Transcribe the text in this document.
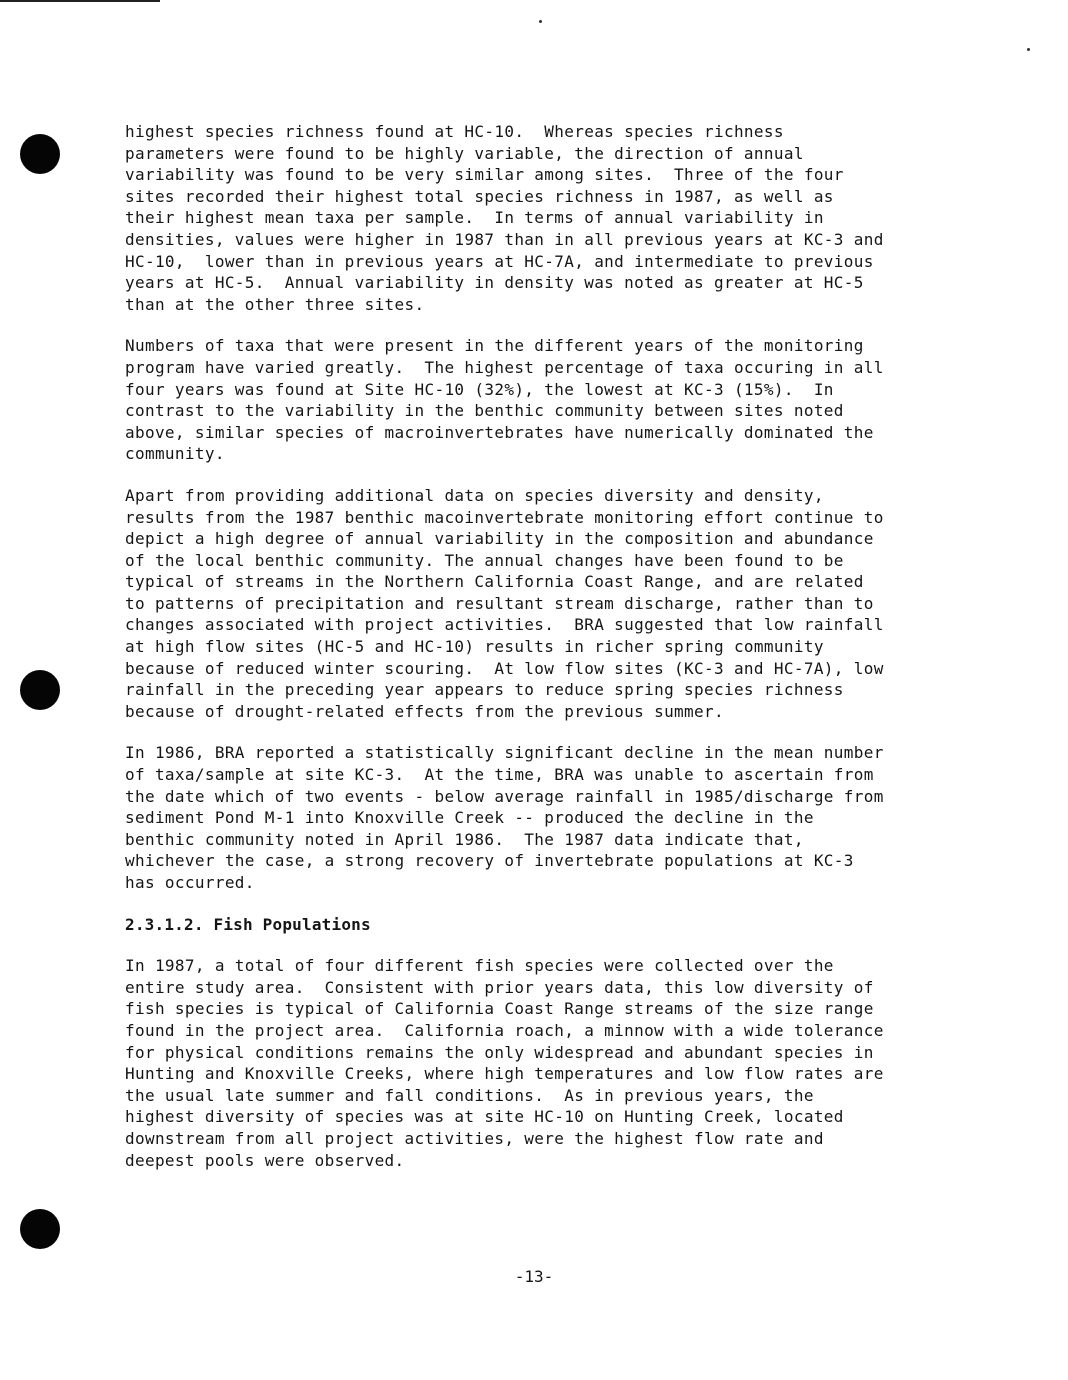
highest species richness found at HC-10.  Whereas species richness
parameters were found to be highly variable, the direction of annual
variability was found to be very similar among sites.  Three of the four
sites recorded their highest total species richness in 1987, as well as
their highest mean taxa per sample.  In terms of annual variability in
densities, values were higher in 1987 than in all previous years at KC-3 and
HC-10,  lower than in previous years at HC-7A, and intermediate to previous
years at HC-5.  Annual variability in density was noted as greater at HC-5
than at the other three sites.

Numbers of taxa that were present in the different years of the monitoring
program have varied greatly.  The highest percentage of taxa occuring in all
four years was found at Site HC-10 (32%), the lowest at KC-3 (15%).  In
contrast to the variability in the benthic community between sites noted
above, similar species of macroinvertebrates have numerically dominated the
community.

Apart from providing additional data on species diversity and density,
results from the 1987 benthic macoinvertebrate monitoring effort continue to
depict a high degree of annual variability in the composition and abundance
of the local benthic community. The annual changes have been found to be
typical of streams in the Northern California Coast Range, and are related
to patterns of precipitation and resultant stream discharge, rather than to
changes associated with project activities.  BRA suggested that low rainfall
at high flow sites (HC-5 and HC-10) results in richer spring community
because of reduced winter scouring.  At low flow sites (KC-3 and HC-7A), low
rainfall in the preceding year appears to reduce spring species richness
because of drought-related effects from the previous summer.

In 1986, BRA reported a statistically significant decline in the mean number
of taxa/sample at site KC-3.  At the time, BRA was unable to ascertain from
the date which of two events - below average rainfall in 1985/discharge from
sediment Pond M-1 into Knoxville Creek -- produced the decline in the
benthic community noted in April 1986.  The 1987 data indicate that,
whichever the case, a strong recovery of invertebrate populations at KC-3
has occurred.

2.3.1.2. Fish Populations

In 1987, a total of four different fish species were collected over the
entire study area.  Consistent with prior years data, this low diversity of
fish species is typical of California Coast Range streams of the size range
found in the project area.  California roach, a minnow with a wide tolerance
for physical conditions remains the only widespread and abundant species in
Hunting and Knoxville Creeks, where high temperatures and low flow rates are
the usual late summer and fall conditions.  As in previous years, the
highest diversity of species was at site HC-10 on Hunting Creek, located
downstream from all project activities, were the highest flow rate and
deepest pools were observed.

-13-
